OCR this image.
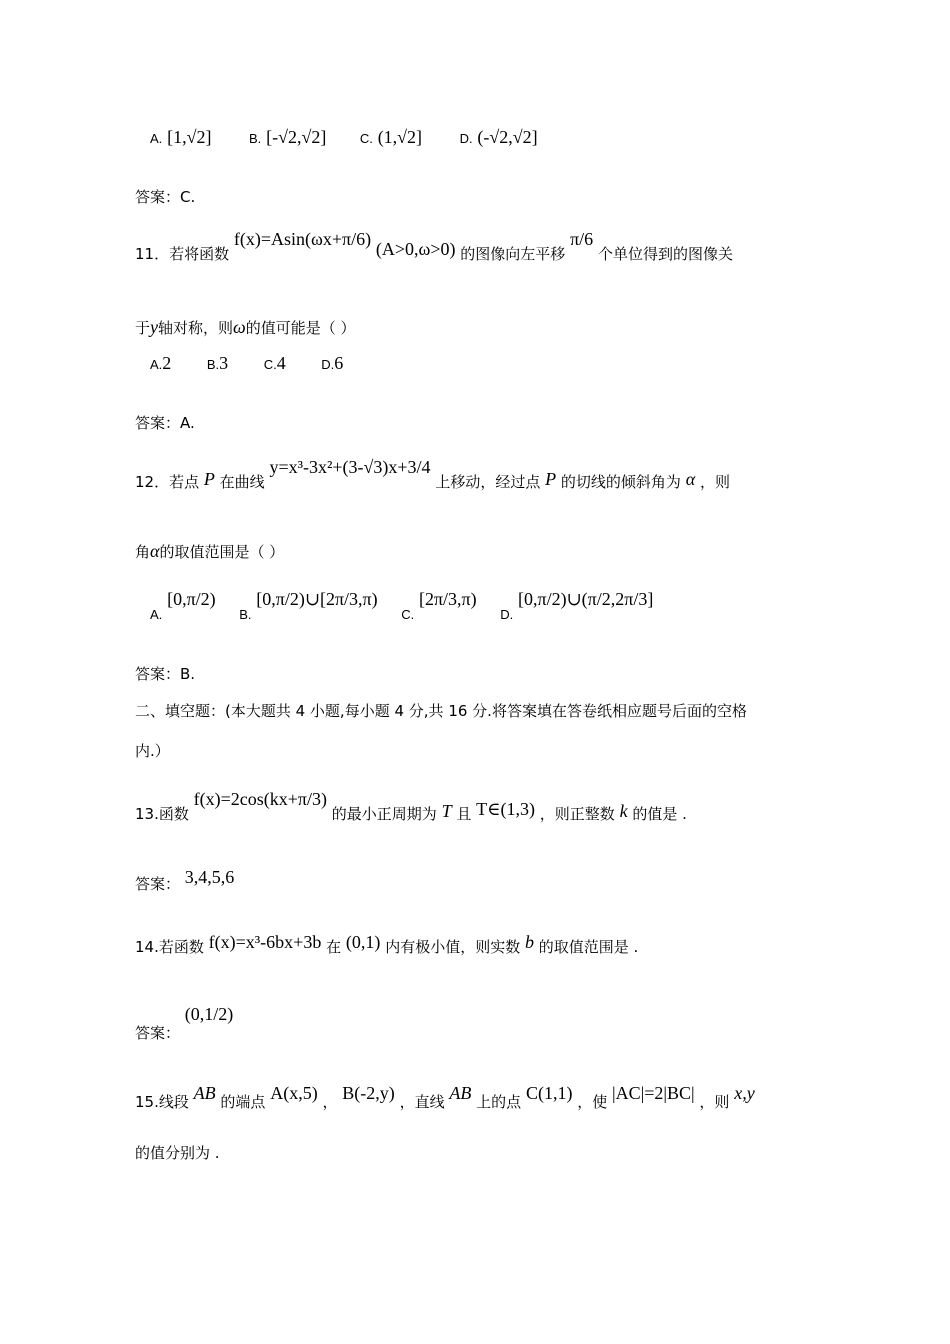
A. [1,√2]	B. [-√2,√2]	C. (1,√2]	D. (-√2,√2]
答案：C.
11．若将函数 f(x)=Asin(ωx+π/6) (A>0,ω>0) 的图像向左平移 π/6 个单位得到的图像关
于y轴对称，则ω的值可能是（ ）
A.2	B.3	C.4	D.6
答案：A.
12．若点 P 在曲线 y=x³-3x²+(3-√3)x+3/4 上移动，经过点 P 的切线的倾斜角为 α ，则
角α的取值范围是（ ）
A. [0,π/2)  B. [0,π/2)∪[2π/3,π)  C. [2π/3,π)  D. [0,π/2)∪(π/2,2π/3]
答案：B.
二、填空题：(本大题共 4 小题,每小题 4 分,共 16 分.将答案填在答卷纸相应题号后面的空格
内.）
13.函数 f(x)=2cos(kx+π/3) 的最小正周期为 T 且 T∈(1,3) ，则正整数 k 的值是 .
答案： 3,4,5,6
14.若函数 f(x)=x³-6bx+3b 在 (0,1) 内有极小值，则实数 b 的取值范围是 .
答案： (0,1/2)
15.线段 AB 的端点 A(x,5) ， B(-2,y) ，直线 AB 上的点 C(1,1) ，使 |AC|=2|BC| ，则 x,y
的值分别为 .
